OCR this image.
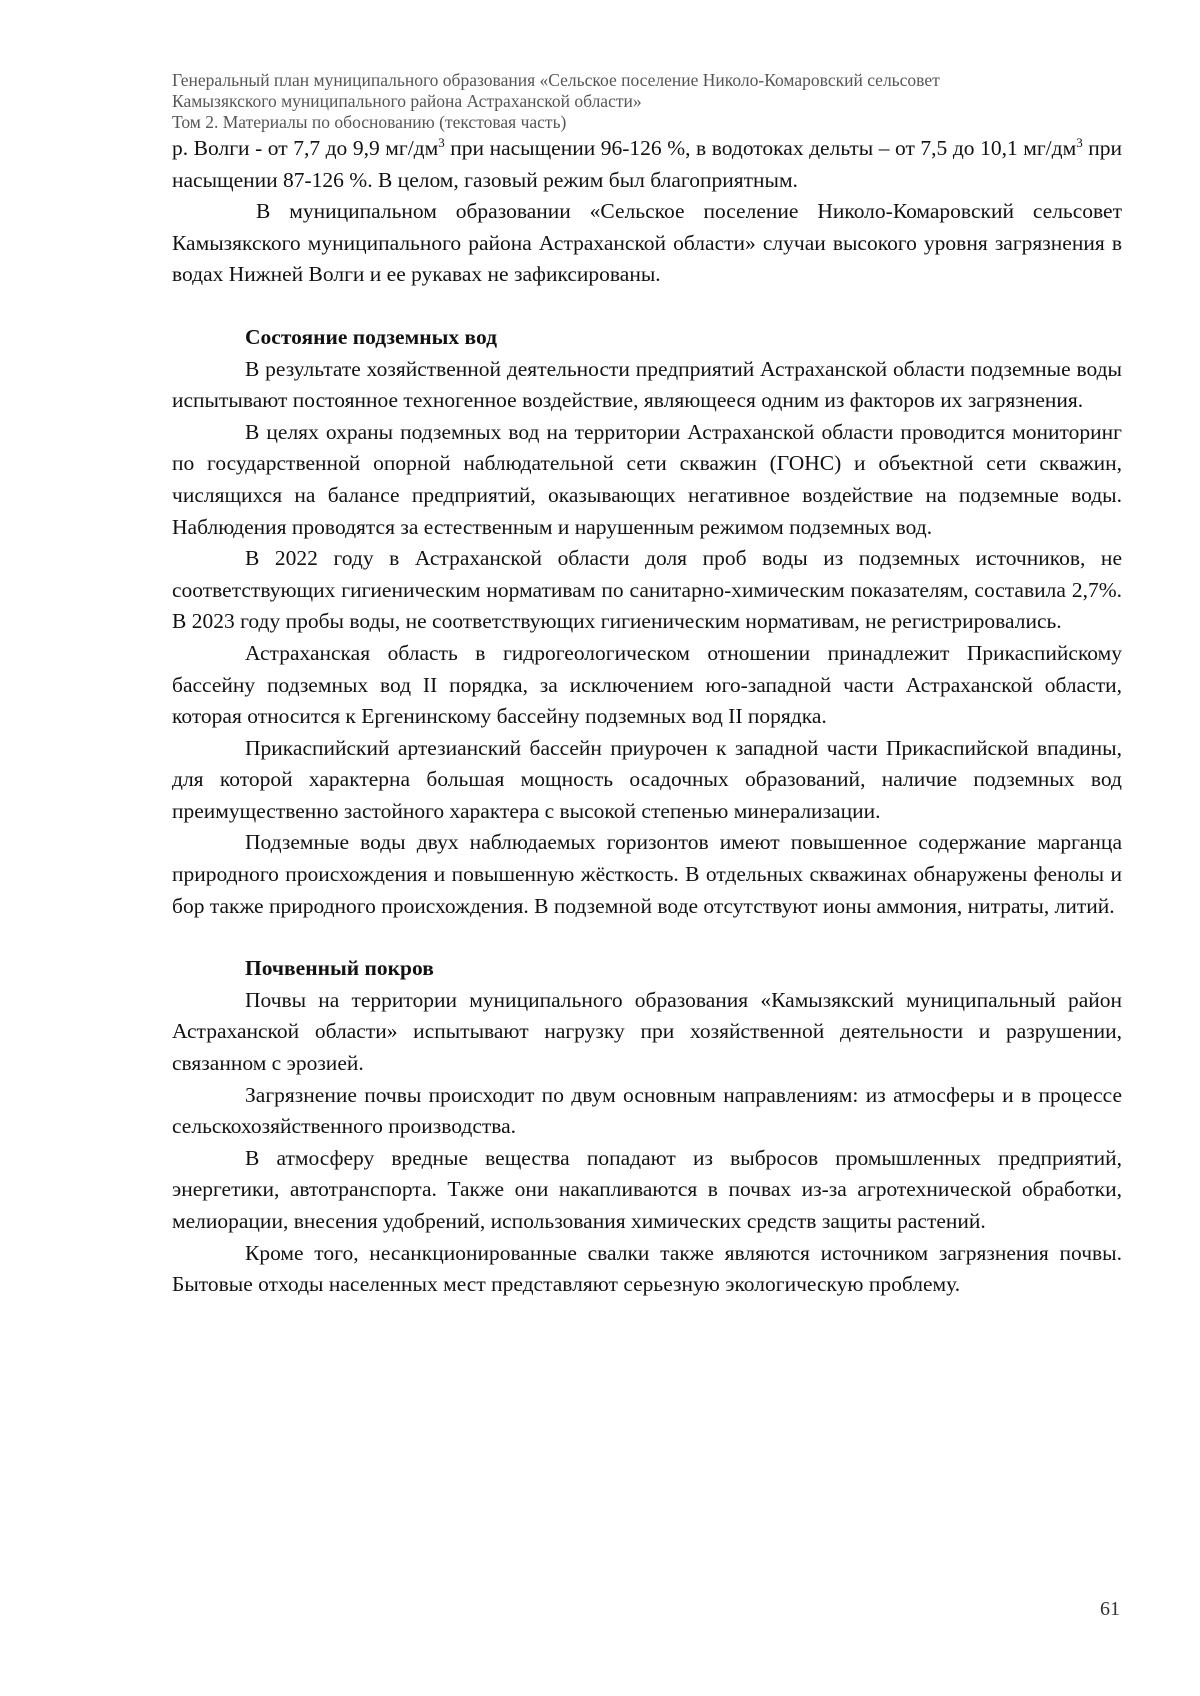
Генеральный план муниципального образования «Сельское поселение Николо-Комаровский сельсовет
Камызякского муниципального района Астраханской области»
Том 2. Материалы по обоснованию (текстовая часть)

р. Волги - от 7,7 до 9,9 $мг/дм^3$ при насыщении 96-126 %, в водотоках дельты – от 7,5 до 10,1 $мг/дм^3$ при насыщении 87-126 %. В целом, газовый режим был благоприятным.

В муниципальном образовании «Сельское поселение Николо-Комаровский сельсовет Камызякского муниципального района Астраханской области» случаи высокого уровня загрязнения в водах Нижней Волги и ее рукавах не зафиксированы.

Состояние подземных вод

В результате хозяйственной деятельности предприятий Астраханской области подземные воды испытывают постоянное техногенное воздействие, являющееся одним из факторов их загрязнения.

В целях охраны подземных вод на территории Астраханской области проводится мониторинг по государственной опорной наблюдательной сети скважин (ГОНС) и объектной сети скважин, числящихся на балансе предприятий, оказывающих негативное воздействие на подземные воды. Наблюдения проводятся за естественным и нарушенным режимом подземных вод.

В 2022 году в Астраханской области доля проб воды из подземных источников, не соответствующих гигиеническим нормативам по санитарно-химическим показателям, составила 2,7%. В 2023 году пробы воды, не соответствующих гигиеническим нормативам, не регистрировались.

Астраханская область в гидрогеологическом отношении принадлежит Прикаспийскому бассейну подземных вод II порядка, за исключением юго-западной части Астраханской области, которая относится к Ергенинскому бассейну подземных вод II порядка.

Прикаспийский артезианский бассейн приурочен к западной части Прикаспийской впадины, для которой характерна большая мощность осадочных образований, наличие подземных вод преимущественно застойного характера с высокой степенью минерализации.

Подземные воды двух наблюдаемых горизонтов имеют повышенное содержание марганца природного происхождения и повышенную жёсткость. В отдельных скважинах обнаружены фенолы и бор также природного происхождения. В подземной воде отсутствуют ионы аммония, нитраты, литий.

Почвенный покров

Почвы на территории муниципального образования «Камызякский муниципальный район Астраханской области» испытывают нагрузку при хозяйственной деятельности и разрушении, связанном с эрозией.

Загрязнение почвы происходит по двум основным направлениям: из атмосферы и в процессе сельскохозяйственного производства.

В атмосферу вредные вещества попадают из выбросов промышленных предприятий, энергетики, автотранспорта. Также они накапливаются в почвах из-за агротехнической обработки, мелиорации, внесения удобрений, использования химических средств защиты растений.

Кроме того, несанкционированные свалки также являются источником загрязнения почвы. Бытовые отходы населенных мест представляют серьезную экологическую проблему.

61
